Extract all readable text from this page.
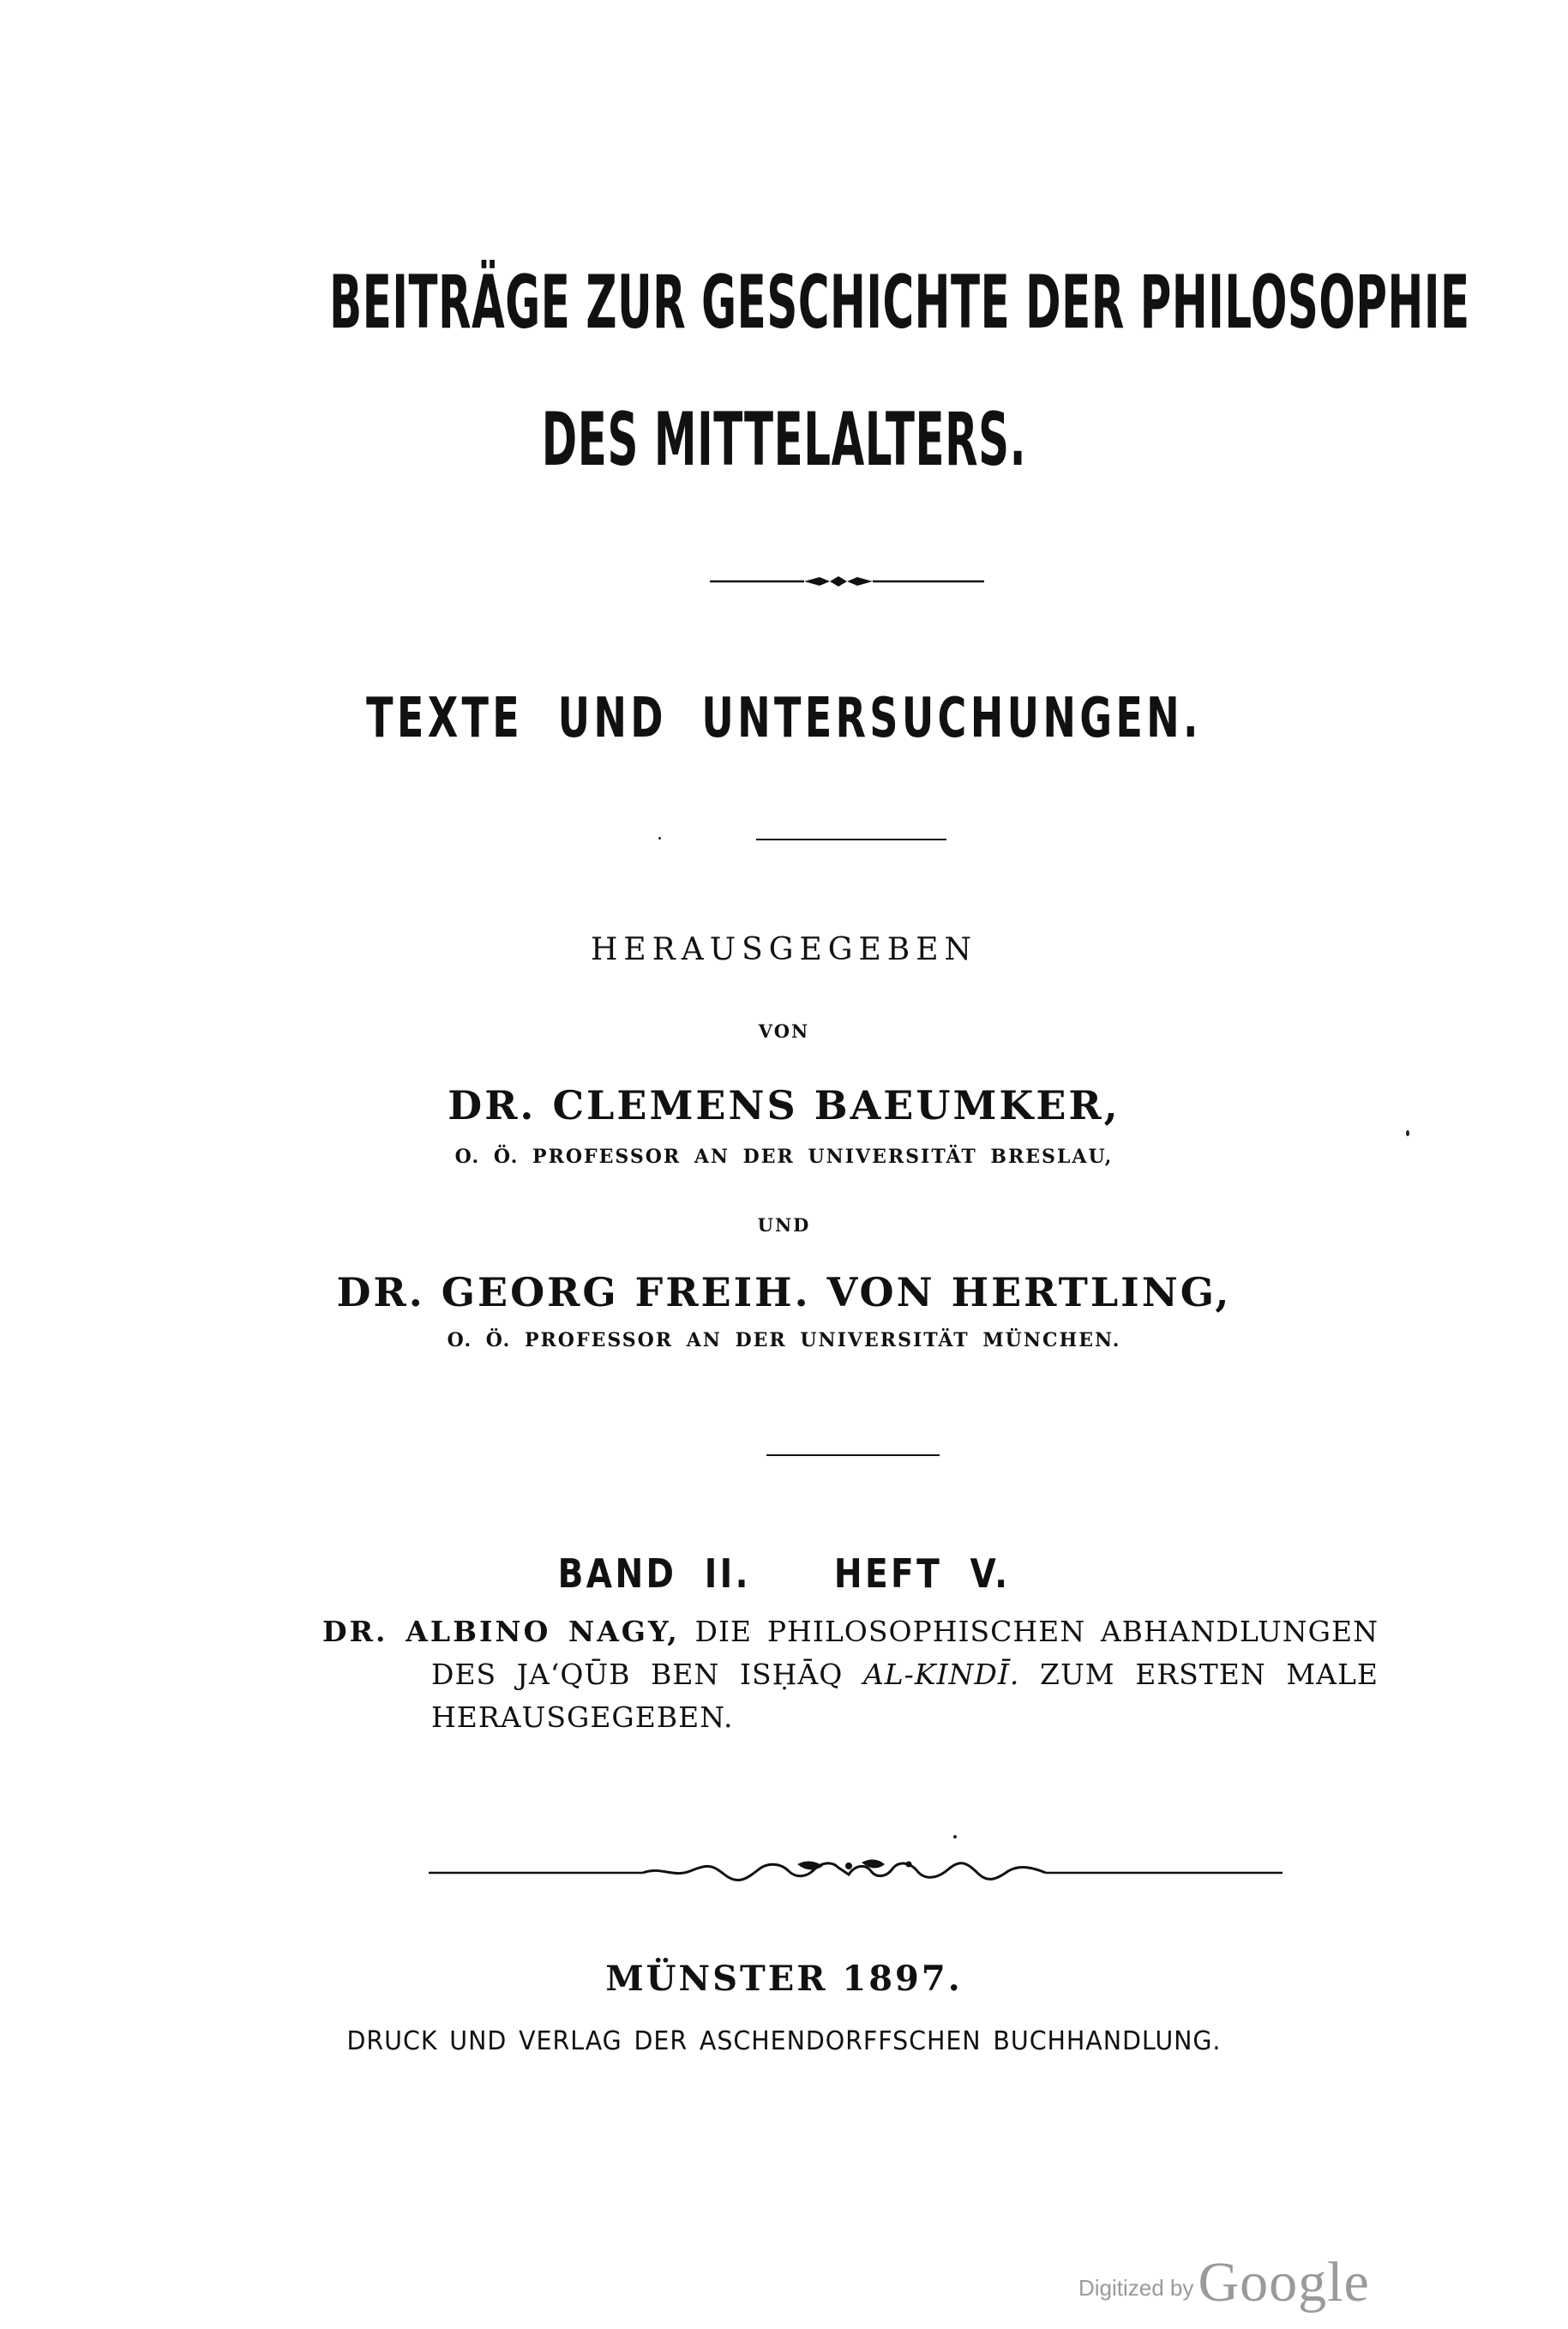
BEITRÄGE ZUR GESCHICHTE DER PHILOSOPHIE
DES MITTELALTERS.
TEXTE UND UNTERSUCHUNGEN.
HERAUSGEGEBEN
VON
DR. CLEMENS BAEUMKER,
O. Ö. PROFESSOR AN DER UNIVERSITÄT BRESLAU,
UND
DR. GEORG FREIH. VON HERTLING,
O. Ö. PROFESSOR AN DER UNIVERSITÄT MÜNCHEN.
BAND II.   HEFT V.
DR. ALBINO NAGY, DIE PHILOSOPHISCHEN ABHANDLUNGEN
DES JA‘QŪB BEN ISḤĀQ AL-KINDĪ. ZUM ERSTEN MALE
HERAUSGEGEBEN.
MÜNSTER 1897.
DRUCK UND VERLAG DER ASCHENDORFFSCHEN BUCHHANDLUNG.
Digitized by Google
